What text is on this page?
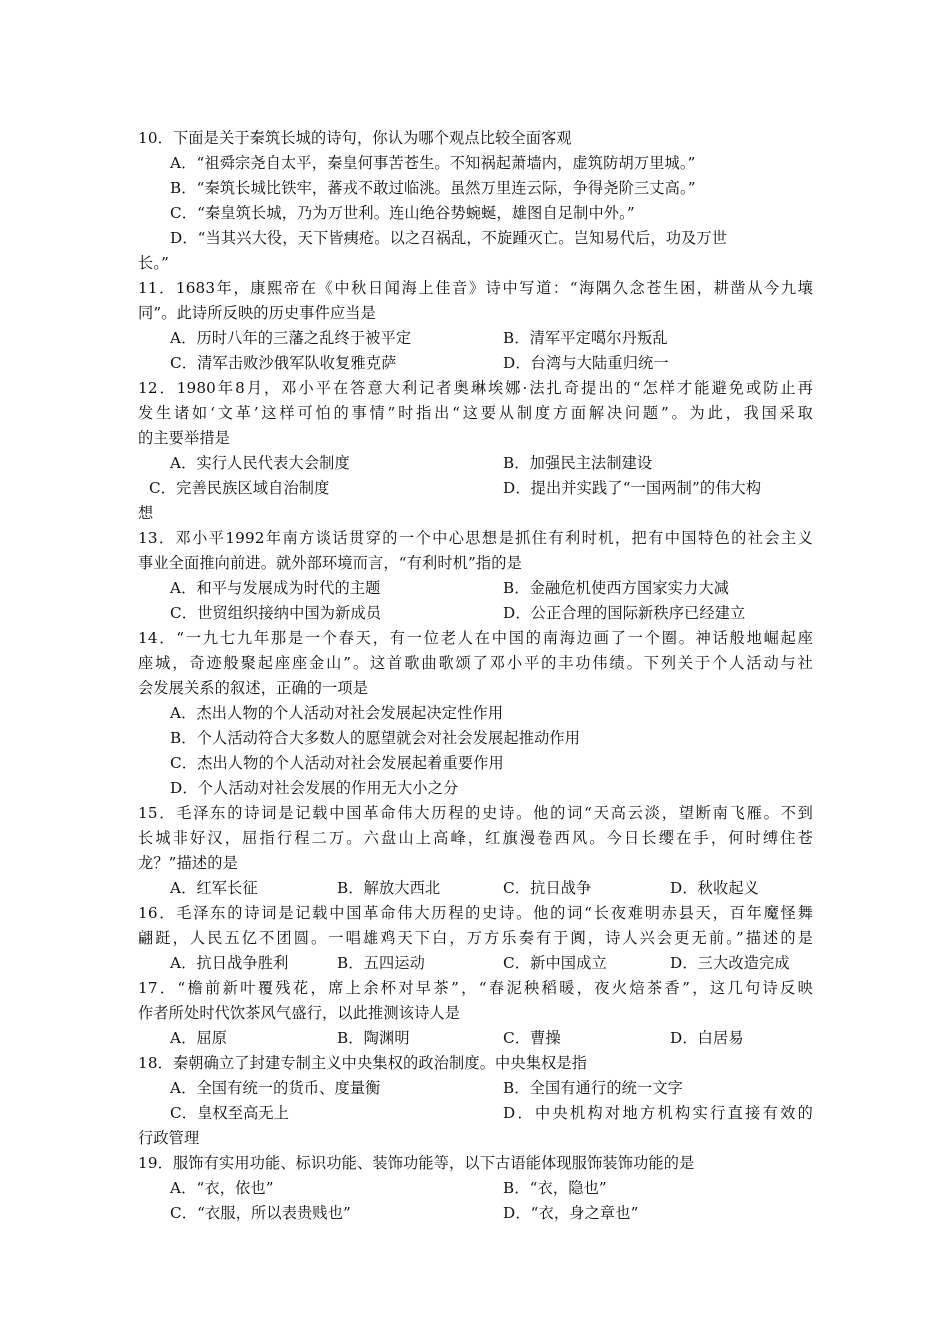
10．下面是关于秦筑长城的诗句，你认为哪个观点比较全面客观
A．“祖舜宗尧自太平，秦皇何事苦苍生。不知祸起萧墙内，虚筑防胡万里城。”
B．“秦筑长城比铁牢，蕃戎不敢过临洮。虽然万里连云际，争得尧阶三丈高。”
C．“秦皇筑长城，乃为万世利。连山绝谷势蜿蜒，雄图自足制中外。”
D．“当其兴大役，天下皆痍疮。以之召祸乱，不旋踵灭亡。岂知易代后，功及万世
长。”
11．1683年，康熙帝在《中秋日闻海上佳音》诗中写道：“海隅久念苍生困，耕凿从今九壤
同”。此诗所反映的历史事件应当是
A．历时八年的三藩之乱终于被平定	B．清军平定噶尔丹叛乱
C．清军击败沙俄军队收复雅克萨	D．台湾与大陆重归统一
12．1980年8月，邓小平在答意大利记者奥琳埃娜·法扎奇提出的“怎样才能避免或防止再
发生诸如‘文革’这样可怕的事情”时指出“这要从制度方面解决问题”。为此，我国采取
的主要举措是
A．实行人民代表大会制度	B．加强民主法制建设
C．完善民族区域自治制度	D．提出并实践了“一国两制”的伟大构
想
13．邓小平1992年南方谈话贯穿的一个中心思想是抓住有利时机，把有中国特色的社会主义
事业全面推向前进。就外部环境而言，“有利时机”指的是
A．和平与发展成为时代的主题	B．金融危机使西方国家实力大减
C．世贸组织接纳中国为新成员	D．公正合理的国际新秩序已经建立
14．“一九七九年那是一个春天，有一位老人在中国的南海边画了一个圈。神话般地崛起座
座城，奇迹般聚起座座金山”。这首歌曲歌颂了邓小平的丰功伟绩。下列关于个人活动与社
会发展关系的叙述，正确的一项是
A．杰出人物的个人活动对社会发展起决定性作用
B．个人活动符合大多数人的愿望就会对社会发展起推动作用
C．杰出人物的个人活动对社会发展起着重要作用
D．个人活动对社会发展的作用无大小之分
15．毛泽东的诗词是记载中国革命伟大历程的史诗。他的词“天高云淡，望断南飞雁。不到
长城非好汉，屈指行程二万。六盘山上高峰，红旗漫卷西风。今日长缨在手，何时缚住苍
龙？”描述的是
A．红军长征	B．解放大西北	C．抗日战争	D．秋收起义
16．毛泽东的诗词是记载中国革命伟大历程的史诗。他的词“长夜难明赤县天，百年魔怪舞
翩跹，人民五亿不团圆。一唱雄鸡天下白，万方乐奏有于阗，诗人兴会更无前。”描述的是
A．抗日战争胜利	B．五四运动	C．新中国成立	D．三大改造完成
17．“檐前新叶覆残花，席上余杯对早茶”，“春泥秧稻暖，夜火焙茶香”，这几句诗反映
作者所处时代饮茶风气盛行，以此推测该诗人是
A．屈原	B．陶渊明	C．曹操	D．白居易
18．秦朝确立了封建专制主义中央集权的政治制度。中央集权是指
A．全国有统一的货币、度量衡	B．全国有通行的统一文字
C．皇权至高无上	D．中央机构对地方机构实行直接有效的
行政管理
19．服饰有实用功能、标识功能、装饰功能等，以下古语能体现服饰装饰功能的是
A．“衣，依也”	B．“衣，隐也”
C．“衣服，所以表贵贱也”	D．“衣，身之章也”
